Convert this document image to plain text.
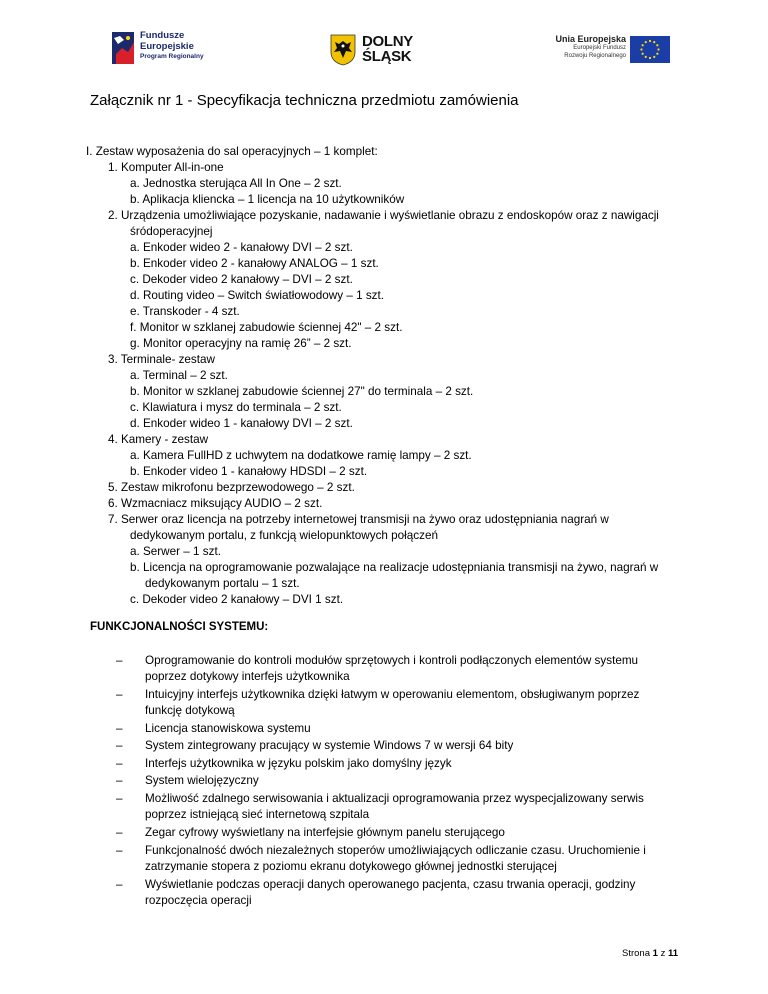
Fundusze
Europejskie
Program Regionalny
DOLNY
ŚLĄSK
Unia Europejska
Europejski Fundusz
Rozwoju Regionalnego
Załącznik nr 1 - Specyfikacja techniczna przedmiotu zamówienia
I. Zestaw wyposażenia do sal operacyjnych – 1 komplet:
1. Komputer All-in-one
a. Jednostka sterująca All In One – 2 szt.
b. Aplikacja kliencka – 1 licencja na 10 użytkowników
2. Urządzenia umożliwiające pozyskanie, nadawanie i wyświetlanie obrazu z endoskopów oraz z nawigacji
śródoperacyjnej
a. Enkoder wideo 2 - kanałowy DVI – 2 szt.
b. Enkoder video 2 - kanałowy ANALOG – 1 szt.
c. Dekoder video 2 kanałowy – DVI – 2 szt.
d. Routing video – Switch światłowodowy – 1 szt.
e. Transkoder - 4 szt.
f. Monitor w szklanej zabudowie ściennej 42" – 2 szt.
g. Monitor operacyjny na ramię 26” – 2 szt.
3. Terminale- zestaw
a. Terminal – 2 szt.
b. Monitor w szklanej zabudowie ściennej 27" do terminala – 2 szt.
c. Klawiatura i mysz do terminala – 2 szt.
d. Enkoder wideo 1 - kanałowy DVI – 2 szt.
4. Kamery - zestaw
a. Kamera FullHD z uchwytem na dodatkowe ramię lampy – 2 szt.
b. Enkoder video 1 - kanałowy HDSDI – 2 szt.
5. Zestaw mikrofonu bezprzewodowego – 2 szt.
6. Wzmacniacz miksujący AUDIO – 2 szt.
7. Serwer oraz licencja na potrzeby internetowej transmisji na żywo oraz udostępniania nagrań w
dedykowanym portalu, z funkcją wielopunktowych połączeń
a. Serwer – 1 szt.
b. Licencja na oprogramowanie pozwalające na realizacje udostępniania transmisji na żywo, nagrań w
dedykowanym portalu – 1 szt.
c. Dekoder video 2 kanałowy – DVI 1 szt.
FUNKCJONALNOŚCI SYSTEMU:
– Oprogramowanie do kontroli modułów sprzętowych i kontroli podłączonych elementów systemu
poprzez dotykowy interfejs użytkownika
– Intuicyjny interfejs użytkownika dzięki łatwym w operowaniu elementom, obsługiwanym poprzez
funkcję dotykową
– Licencja stanowiskowa systemu
– System zintegrowany pracujący w systemie Windows 7 w wersji 64 bity
– Interfejs użytkownika w języku polskim jako domyślny język
– System wielojęzyczny
– Możliwość zdalnego serwisowania i aktualizacji oprogramowania przez wyspecjalizowany serwis
poprzez istniejącą sieć internetową szpitala
– Zegar cyfrowy wyświetlany na interfejsie głównym panelu sterującego
– Funkcjonalność dwóch niezależnych stoperów umożliwiających odliczanie czasu. Uruchomienie i
zatrzymanie stopera z poziomu ekranu dotykowego głównej jednostki sterującej
– Wyświetlanie podczas operacji danych operowanego pacjenta, czasu trwania operacji, godziny
rozpoczęcia operacji
Strona 1 z 11
